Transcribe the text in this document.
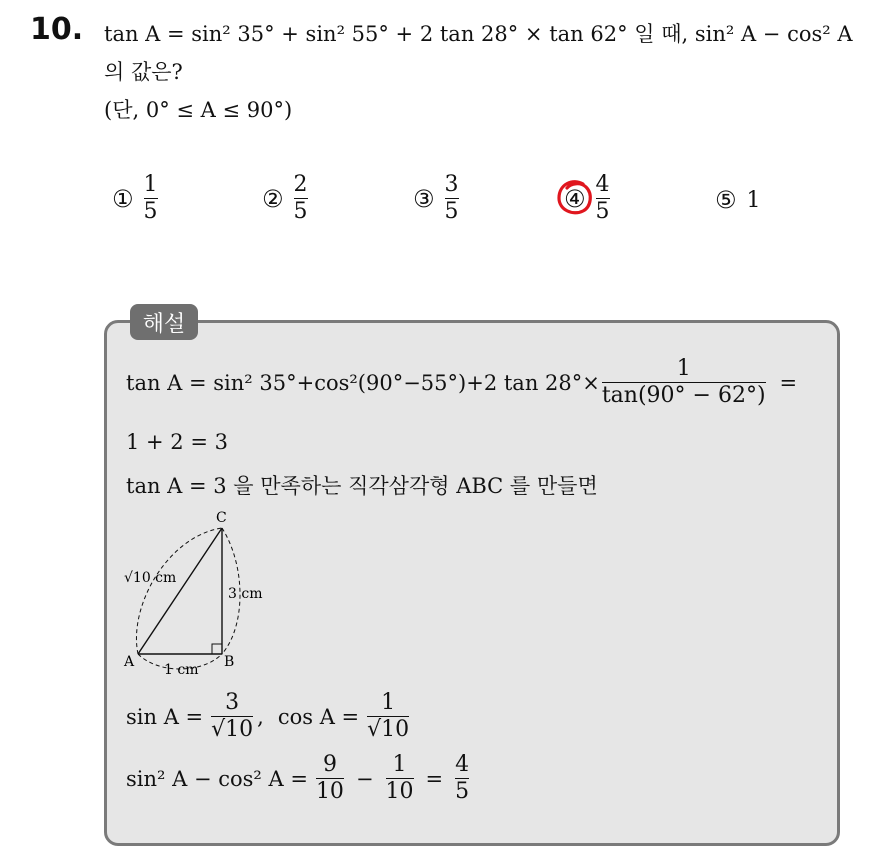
10. tan A = sin² 35° + sin² 55° + 2 tan 28° × tan 62° 일 때, sin² A − cos² A
의 값은?
(단, 0° ≤ A ≤ 90°)
① $\frac{1}{5}$	② $\frac{2}{5}$	③ $\frac{3}{5}$	④ $\frac{4}{5}$	⑤ 1
해설
tan A = sin² 35°+cos²(90°−55°)+2 $\tan 28^\circ\times \frac{1}{\tan(90^\circ - 62^\circ)}$ =
1 + 2 = 3
tan A = 3 을 만족하는 직각삼각형 ABC 를 만들면
C
A	B
√10 cm
3 cm
1 cm
$\sin A = \frac{3}{√10}$ , $\cos A = \frac{1}{√10}$
sin² A − cos² $A = \frac{9}{10} - \frac{1}{10} = \frac{4}{5}$
